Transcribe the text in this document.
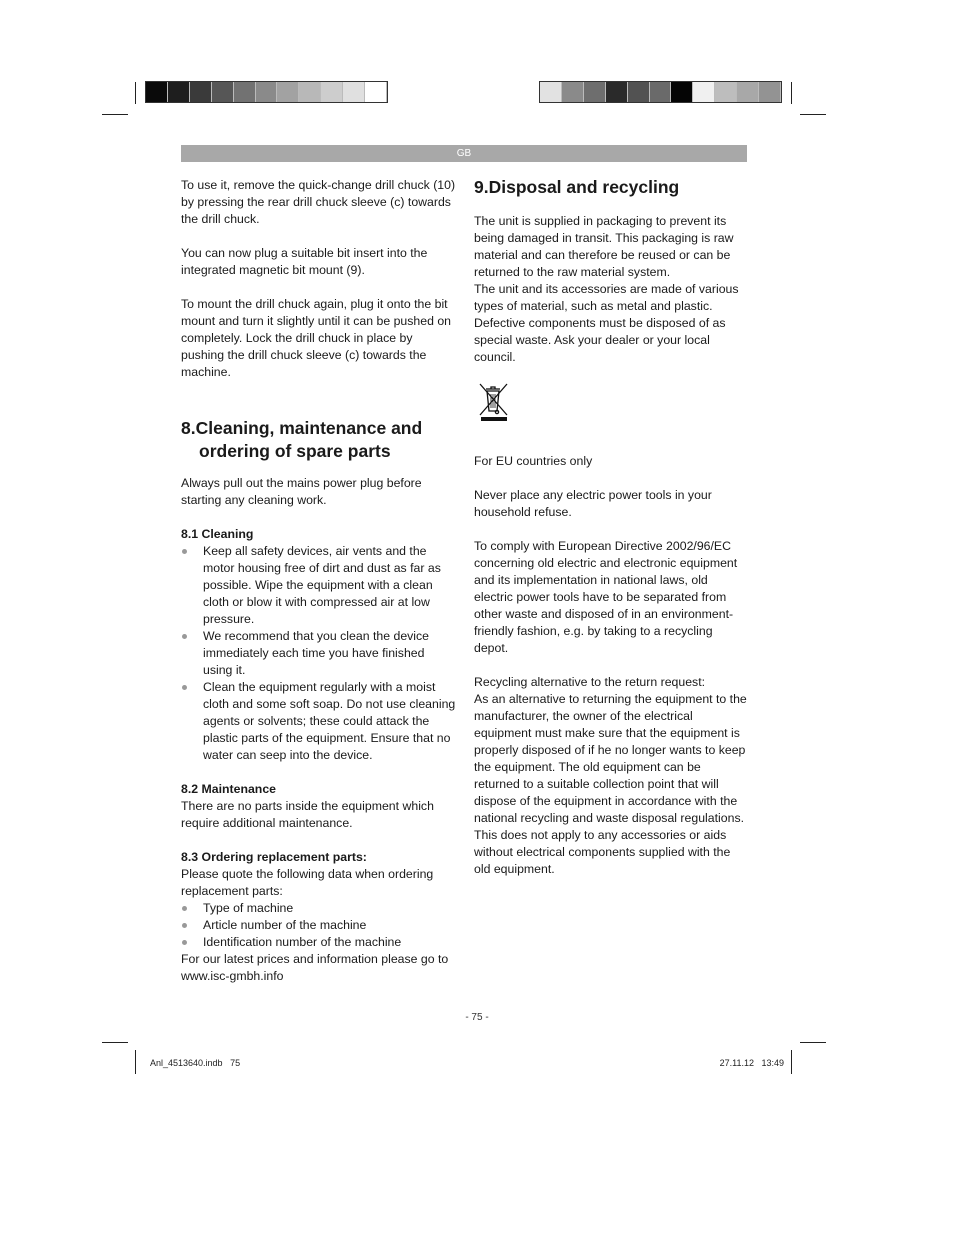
GB

To use it, remove the quick-change drill chuck (10) by pressing the rear drill chuck sleeve (c) towards the drill chuck.

You can now plug a suitable bit insert into the integrated magnetic bit mount (9).

To mount the drill chuck again, plug it onto the bit mount and turn it slightly until it can be pushed on completely. Lock the drill chuck in place by pushing the drill chuck sleeve (c) towards the machine.

8.Cleaning, maintenance and
ordering of spare parts

Always pull out the mains power plug before starting any cleaning work.

8.1 Cleaning

Keep all safety devices, air vents and the motor housing free of dirt and dust as far as possible. Wipe the equipment with a clean cloth or blow it with compressed air at low pressure.
We recommend that you clean the device immediately each time you have finished using it.
Clean the equipment regularly with a moist cloth and some soft soap. Do not use cleaning agents or solvents; these could attack the plastic parts of the equipment. Ensure that no water can seep into the device.

8.2 Maintenance

There are no parts inside the equipment which require additional maintenance.

8.3 Ordering replacement parts:

Please quote the following data when ordering replacement parts:

Type of machine
Article number of the machine
Identification number of the machine

For our latest prices and information please go to www.isc-gmbh.info

9.Disposal and recycling

The unit is supplied in packaging to prevent its being damaged in transit. This packaging is raw material and can therefore be reused or can be returned to the raw material system.

The unit and its accessories are made of various types of material, such as metal and plastic. Defective components must be disposed of as special waste. Ask your dealer or your local council.

For EU countries only

Never place any electric power tools in your household refuse.

To comply with European Directive 2002/96/EC concerning old electric and electronic equipment and its implementation in national laws, old electric power tools have to be separated from other waste and disposed of in an environment-friendly fashion, e.g. by taking to a recycling depot.

Recycling alternative to the return request:

As an alternative to returning the equipment to the manufacturer, the owner of the electrical equipment must make sure that the equipment is properly disposed of if he no longer wants to keep the equipment. The old equipment can be returned to a suitable collection point that will dispose of the equipment in accordance with the national recycling and waste disposal regulations. This does not apply to any accessories or aids without electrical components supplied with the old equipment.

- 75 -
Anl_4513640.indb   75	27.11.12   13:49
